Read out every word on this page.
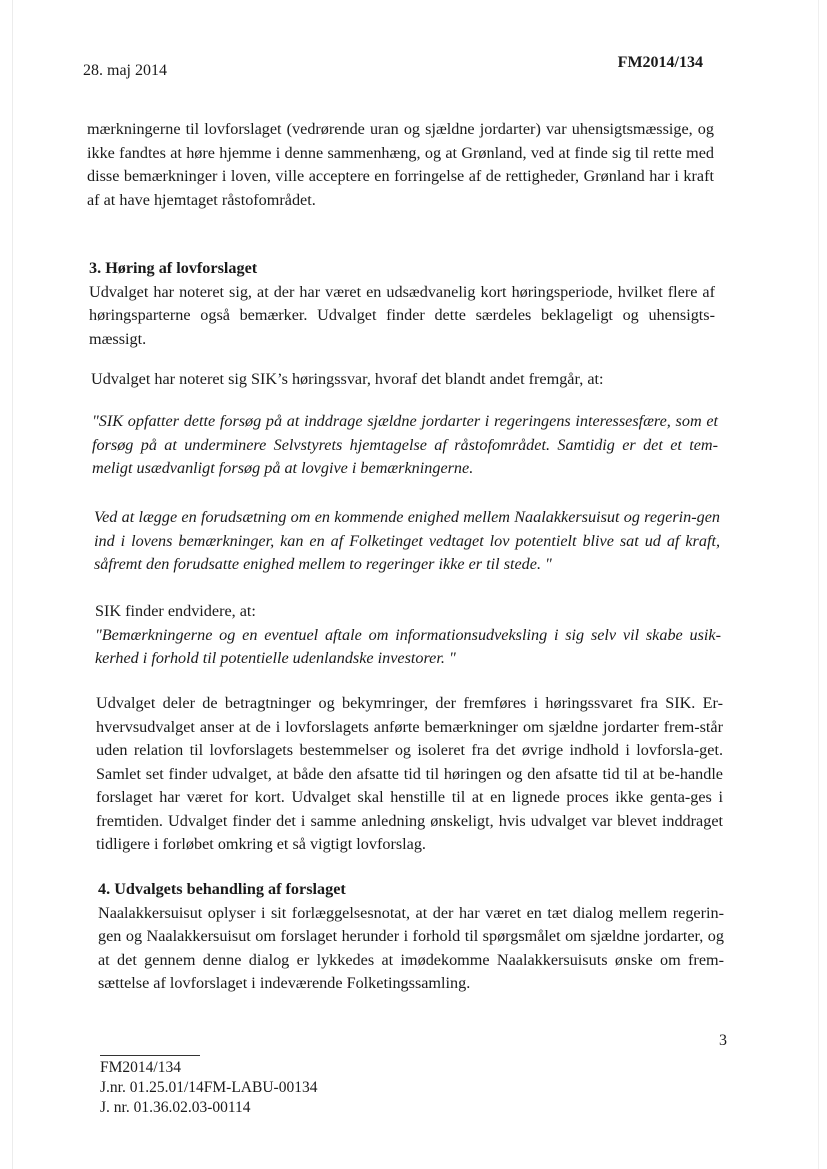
28. maj 2014	FM2014/134

mærkningerne til lovforslaget (vedrørende uran og sjældne jordarter) var uhensigtsmæssige, og ikke fandtes at høre hjemme i denne sammenhæng, og at Grønland, ved at finde sig til rette med disse bemærkninger i loven, ville acceptere en forringelse af de rettigheder, Grønland har i kraft af at have hjemtaget råstofområdet.

3. Høring af lovforslaget

Udvalget har noteret sig, at der har været en udsædvanelig kort høringsperiode, hvilket flere af høringsparterne også bemærker. Udvalget finder dette særdeles beklageligt og uhensigts-mæssigt.

Udvalget har noteret sig SIK’s høringssvar, hvoraf det blandt andet fremgår, at:

"SIK opfatter dette forsøg på at inddrage sjældne jordarter i regeringens interessesfære, som et forsøg på at underminere Selvstyrets hjemtagelse af råstofområdet. Samtidig er det et tem-meligt usædvanligt forsøg på at lovgive i bemærkningerne.

Ved at lægge en forudsætning om en kommende enighed mellem Naalakkersuisut og regerin-gen ind i lovens bemærkninger, kan en af Folketinget vedtaget lov potentielt blive sat ud af kraft, såfremt den forudsatte enighed mellem to regeringer ikke er til stede. "

SIK finder endvidere, at:

"Bemærkningerne og en eventuel aftale om informationsudveksling i sig selv vil skabe usik-kerhed i forhold til potentielle udenlandske investorer. "

Udvalget deler de betragtninger og bekymringer, der fremføres i høringssvaret fra SIK. Er-hvervsudvalget anser at de i lovforslagets anførte bemærkninger om sjældne jordarter frem-står uden relation til lovforslagets bestemmelser og isoleret fra det øvrige indhold i lovforsla-get. Samlet set finder udvalget, at både den afsatte tid til høringen og den afsatte tid til at be-handle forslaget har været for kort. Udvalget skal henstille til at en lignede proces ikke genta-ges i fremtiden. Udvalget finder det i samme anledning ønskeligt, hvis udvalget var blevet inddraget tidligere i forløbet omkring et så vigtigt lovforslag.

4. Udvalgets behandling af forslaget

Naalakkersuisut oplyser i sit forlæggelsesnotat, at der har været en tæt dialog mellem regerin-gen og Naalakkersuisut om forslaget herunder i forhold til spørgsmålet om sjældne jordarter, og at det gennem denne dialog er lykkedes at imødekomme Naalakkersuisuts ønske om frem-sættelse af lovforslaget i indeværende Folketingssamling.

3
FM2014/134
J.nr. 01.25.01/14FM-LABU-00134
J. nr. 01.36.02.03-00114
